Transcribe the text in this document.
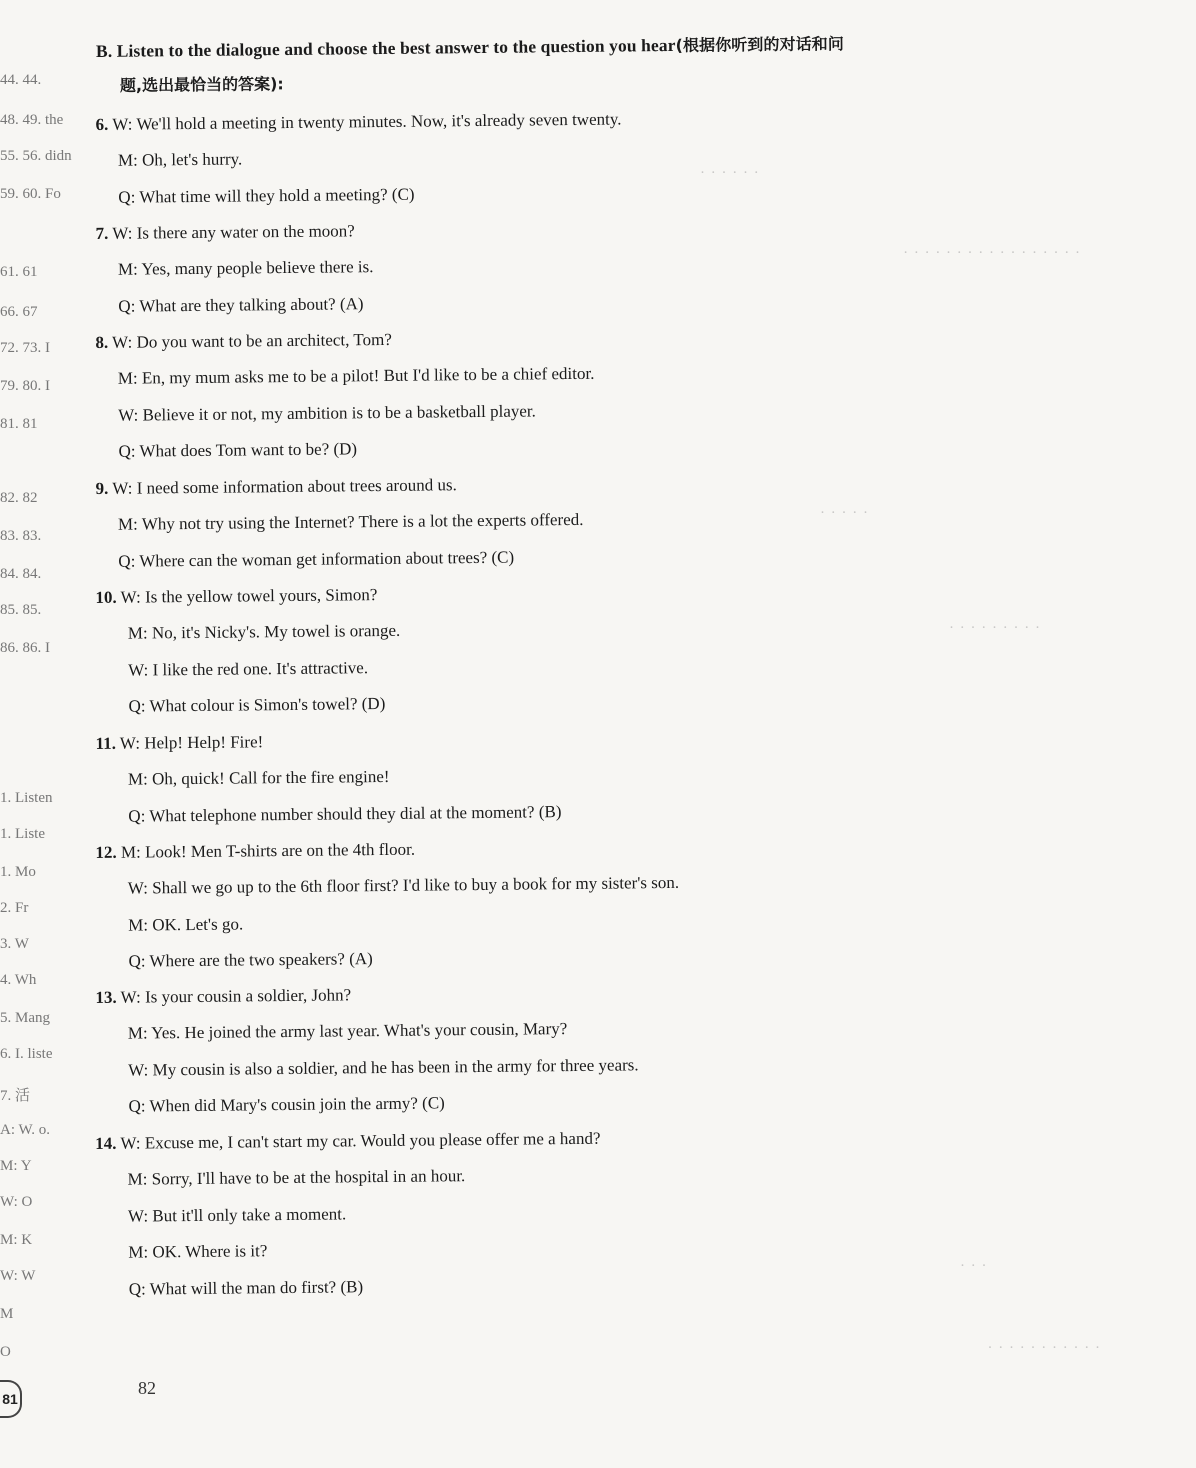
44. 44.
48. 49. the
55. 56. didn
59. 60. Fo
61. 61
66. 67
72. 73. I
79. 80. I
81. 81
82. 82
83. 83.
84. 84.
85. 85.
86. 86. I
1. Listen
1. Liste
1. Mo
2. Fr
3. W
4. Wh
5. Mang
6. I. liste
7. 活
A: W. o.
M: Y
W: O
M: K
W: W
M
O
· · · · · ·
· · · · · · · · · · · · · · · · ·
· · · · ·
· · · · · · · · ·
· · ·
· · · · · · · · · · ·
B. Listen to the dialogue and choose the best answer to the question you hear(根据你听到的对话和问
题,选出最恰当的答案):
6. W: We'll hold a meeting in twenty minutes. Now, it's already seven twenty.
M: Oh, let's hurry.
Q: What time will they hold a meeting? (C)
7. W: Is there any water on the moon?
M: Yes, many people believe there is.
Q: What are they talking about? (A)
8. W: Do you want to be an architect, Tom?
M: En, my mum asks me to be a pilot! But I'd like to be a chief editor.
W: Believe it or not, my ambition is to be a basketball player.
Q: What does Tom want to be? (D)
9. W: I need some information about trees around us.
M: Why not try using the Internet? There is a lot the experts offered.
Q: Where can the woman get information about trees? (C)
10. W: Is the yellow towel yours, Simon?
M: No, it's Nicky's. My towel is orange.
W: I like the red one. It's attractive.
Q: What colour is Simon's towel? (D)
11. W: Help! Help! Fire!
M: Oh, quick! Call for the fire engine!
Q: What telephone number should they dial at the moment? (B)
12. M: Look! Men T-shirts are on the 4th floor.
W: Shall we go up to the 6th floor first? I'd like to buy a book for my sister's son.
M: OK. Let's go.
Q: Where are the two speakers? (A)
13. W: Is your cousin a soldier, John?
M: Yes. He joined the army last year. What's your cousin, Mary?
W: My cousin is also a soldier, and he has been in the army for three years.
Q: When did Mary's cousin join the army? (C)
14. W: Excuse me, I can't start my car. Would you please offer me a hand?
M: Sorry, I'll have to be at the hospital in an hour.
W: But it'll only take a moment.
M: OK. Where is it?
Q: What will the man do first? (B)
81
82
